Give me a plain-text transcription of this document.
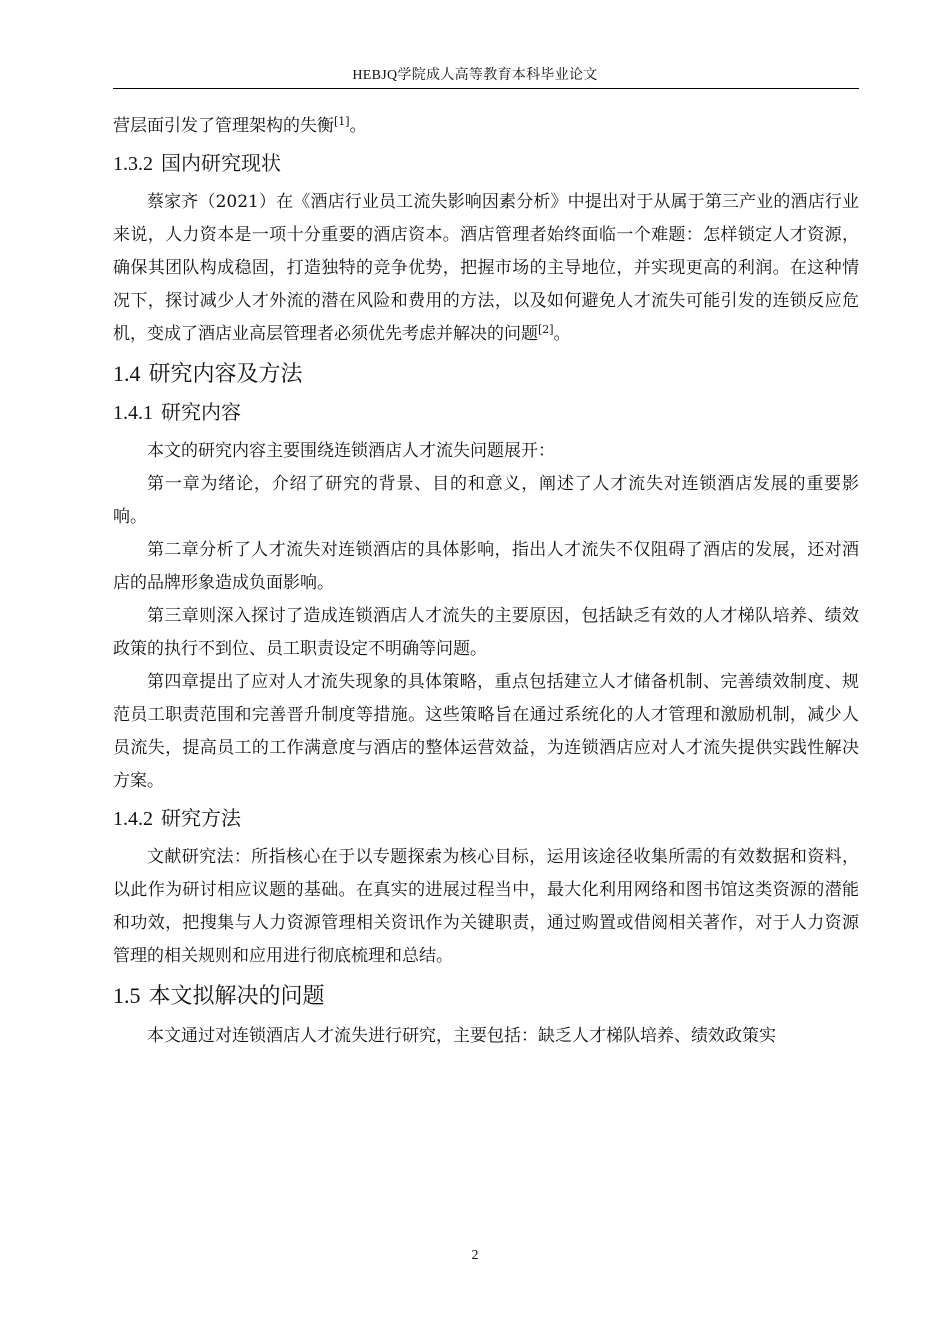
HEBJQ学院成人高等教育本科毕业论文

营层面引发了管理架构的失衡[1]。

1.3.2 国内研究现状

蔡家齐（2021）在《酒店行业员工流失影响因素分析》中提出对于从属于第三产业的酒店行业来说，人力资本是一项十分重要的酒店资本。酒店管理者始终面临一个难题：怎样锁定人才资源，确保其团队构成稳固，打造独特的竞争优势，把握市场的主导地位，并实现更高的利润。在这种情况下，探讨减少人才外流的潜在风险和费用的方法，以及如何避免人才流失可能引发的连锁反应危机，变成了酒店业高层管理者必须优先考虑并解决的问题[2]。

1.4 研究内容及方法
1.4.1 研究内容

本文的研究内容主要围绕连锁酒店人才流失问题展开：

第一章为绪论，介绍了研究的背景、目的和意义，阐述了人才流失对连锁酒店发展的重要影响。

第二章分析了人才流失对连锁酒店的具体影响，指出人才流失不仅阻碍了酒店的发展，还对酒店的品牌形象造成负面影响。

第三章则深入探讨了造成连锁酒店人才流失的主要原因，包括缺乏有效的人才梯队培养、绩效政策的执行不到位、员工职责设定不明确等问题。

第四章提出了应对人才流失现象的具体策略，重点包括建立人才储备机制、完善绩效制度、规范员工职责范围和完善晋升制度等措施。这些策略旨在通过系统化的人才管理和激励机制，减少人员流失，提高员工的工作满意度与酒店的整体运营效益，为连锁酒店应对人才流失提供实践性解决方案。

1.4.2 研究方法

文献研究法：所指核心在于以专题探索为核心目标，运用该途径收集所需的有效数据和资料，以此作为研讨相应议题的基础。在真实的进展过程当中，最大化利用网络和图书馆这类资源的潜能和功效，把搜集与人力资源管理相关资讯作为关键职责，通过购置或借阅相关著作，对于人力资源管理的相关规则和应用进行彻底梳理和总结。

1.5 本文拟解决的问题

本文通过对连锁酒店人才流失进行研究，主要包括：缺乏人才梯队培养、绩效政策实

2
